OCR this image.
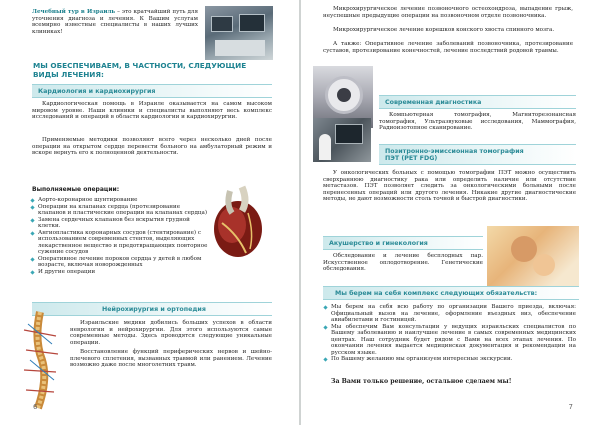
Лечебный тур в Израиль – это кратчайший путь для уточнения диагноза и лечения. К Вашим услугам всемирно известные специалисты в наших лучших клиниках!
МЫ ОБЕСПЕЧИВАЕМ, В ЧАСТНОСТИ, СЛЕДУЮЩИЕ ВИДЫ ЛЕЧЕНИЯ:
Кардиология и кардиохирургия
Кардиологическая помощь в Израиле оказывается на самом высоком мировом уровне. Наши клиники и специалисты выполняют весь комплекс исследований и операций в области кардиологии и кардиохирургии.
Применяемые методики позволяют всего через несколько дней после операции на открытом сердце перевести больного на амбулаторный режим и вскоре вернуть его к полноценной деятельности.
Выполняемые операции:
Аорто-коронарное шунтирование
Операции на клапанах сердца (протезирование клапанов и пластические операции на клапанах сердца)
Замена сердечных клапанов без вскрытия грудной клетки.
Ангиопластика коронарных сосудов (стентирование) с использованием современных стентов, выделяющих лекарственное вещество и предотвращающих повторное сужение сосудов
Оперативное лечение пороков сердца у детей в любом возрасте, включая новорожденных
И другие операции
Нейрохирургия и ортопедия
Израильские медики добились больших успехов в области неврологии и нейрохирургии. Для этого используются самые современные методы. Здесь проводятся следующие уникальные операции.
Восстановление функций периферических нервов и шейно-плечевого сплетения, вызванных травмой или ранением. Лечение возможно даже после многолетних травм.
6
Микрохирургическое лечение позвоночного остеохондроза, выпадение грыж, неуспешные предыдущие операции на позвоночном отделе позвоночника.
Микрохирургическое лечение корешков конского хвоста спинного мозга.
А также: Оперативное лечение заболеваний позвоночника, протезирование суставов, протезирование конечностей, лечение последствий родовой травмы.
Современная диагностика
Компьютерная томография, Магниторезонансная томография, Ультразвуковые исследования, Маммография, Радиоизотопное сканирование.
Позитронно-эмиссионная томография
ПЭТ (PET FDG)
У онкологических больных с помощью томографии ПЭТ можно осуществить сверхраннюю диагностику рака или определить наличие или отсутствие метастазов. ПЭТ позволяет следить за онкологическими больными после перенесенных операций или другого лечения. Никакие другие диагностические методы, не дают возможности столь точной и быстрой диагностики.
Акушерство и гинекология
Обследование и лечение бесплодных пар. Искусственное оплодотворение. Генетические обследования.
Мы берем на себя комплекс следующих обязательств:
Мы берем на себя всю работу по организации Вашего приезда, включая: Официальный вызов на лечение, оформление въездных виз, обеспечение авиабилетами и гостиницей.
Мы обеспечим Вам консультации у ведущих израильских специалистов по Вашему заболеванию и наилучшее лечение в самых современных медицинских центрах. Наш сотрудник будет рядом с Вами на всех этапах лечения. По окончании лечения выдается медицинская документация и рекомендации на русском языке.
По Вашему желанию мы организуем интересные экскурсии.
За Вами только решение, остальное сделаем мы!
7
